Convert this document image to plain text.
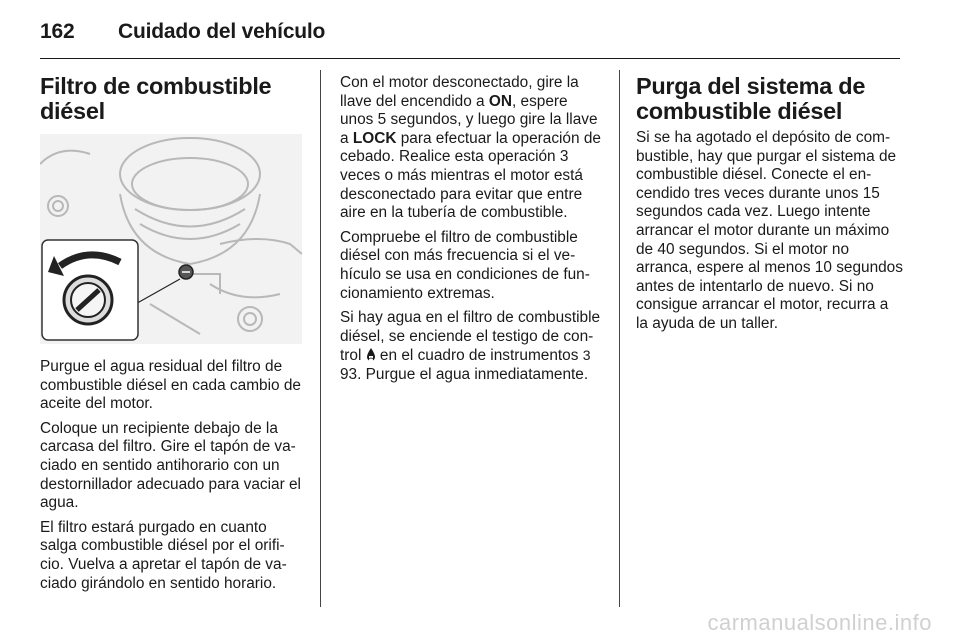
162 Cuidado del vehículo
Filtro de combustible diésel

Purgue el agua residual del filtro de combustible diésel en cada cambio de aceite del motor.

Coloque un recipiente debajo de la carcasa del filtro. Gire el tapón de vaciado en sentido antihorario con un destornillador adecuado para vaciar el agua.

El filtro estará purgado en cuanto salga combustible diésel por el orificio. Vuelva a apretar el tapón de vaciado girándolo en sentido horario.

Con el motor desconectado, gire la llave del encendido a ON, espere unos 5 segundos, y luego gire la llave a LOCK para efectuar la operación de cebado. Realice esta operación 3 veces o más mientras el motor está desconectado para evitar que entre aire en la tubería de combustible.

Compruebe el filtro de combustible diésel con más frecuencia si el vehículo se usa en condiciones de funcionamiento extremas.

Si hay agua en el filtro de combustible diésel, se enciende el testigo de control  en el cuadro de instrumentos 3 93. Purgue el agua inmediatamente.

Purga del sistema de combustible diésel

Si se ha agotado el depósito de combustible, hay que purgar el sistema de combustible diésel. Conecte el encendido tres veces durante unos 15 segundos cada vez. Luego intente arrancar el motor durante un máximo de 40 segundos. Si el motor no arranca, espere al menos 10 segundos antes de intentarlo de nuevo. Si no consigue arrancar el motor, recurra a la ayuda de un taller.

carmanualsonline.info
